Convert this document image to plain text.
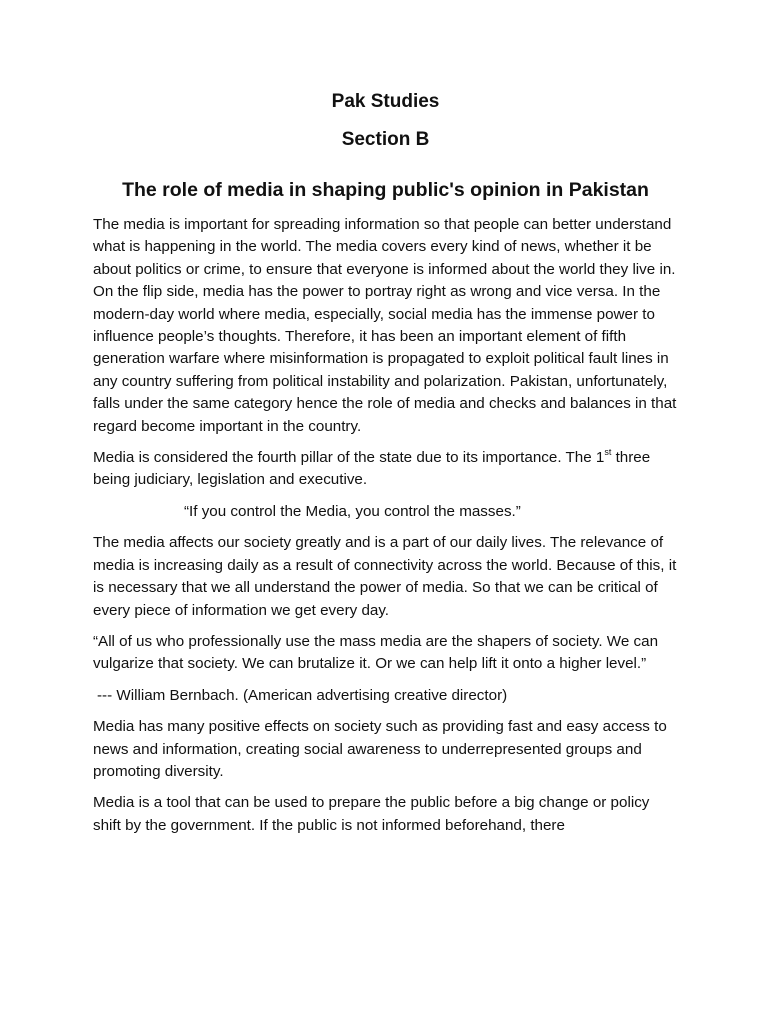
Pak Studies
Section B
The role of media in shaping public's opinion in Pakistan

The media is important for spreading information so that people can better understand what is happening in the world. The media covers every kind of news, whether it be about politics or crime, to ensure that everyone is informed about the world they live in. On the flip side, media has the power to portray right as wrong and vice versa. In the modern-day world where media, especially, social media has the immense power to influence people’s thoughts. Therefore, it has been an important element of fifth generation warfare where misinformation is propagated to exploit political fault lines in any country suffering from political instability and polarization. Pakistan, unfortunately, falls under the same category hence the role of media and checks and balances in that regard become important in the country.

Media is considered the fourth pillar of the state due to its importance. The 1st three being judiciary, legislation and executive.

“If you control the Media, you control the masses.”

The media affects our society greatly and is a part of our daily lives. The relevance of media is increasing daily as a result of connectivity across the world. Because of this, it is necessary that we all understand the power of media. So that we can be critical of every piece of information we get every day.

“All of us who professionally use the mass media are the shapers of society. We can vulgarize that society. We can brutalize it. Or we can help lift it onto a higher level.”

--- William Bernbach. (American advertising creative director)

Media has many positive effects on society such as providing fast and easy access to news and information, creating social awareness to underrepresented groups and promoting diversity.

Media is a tool that can be used to prepare the public before a big change or policy shift by the government. If the public is not informed beforehand, there
